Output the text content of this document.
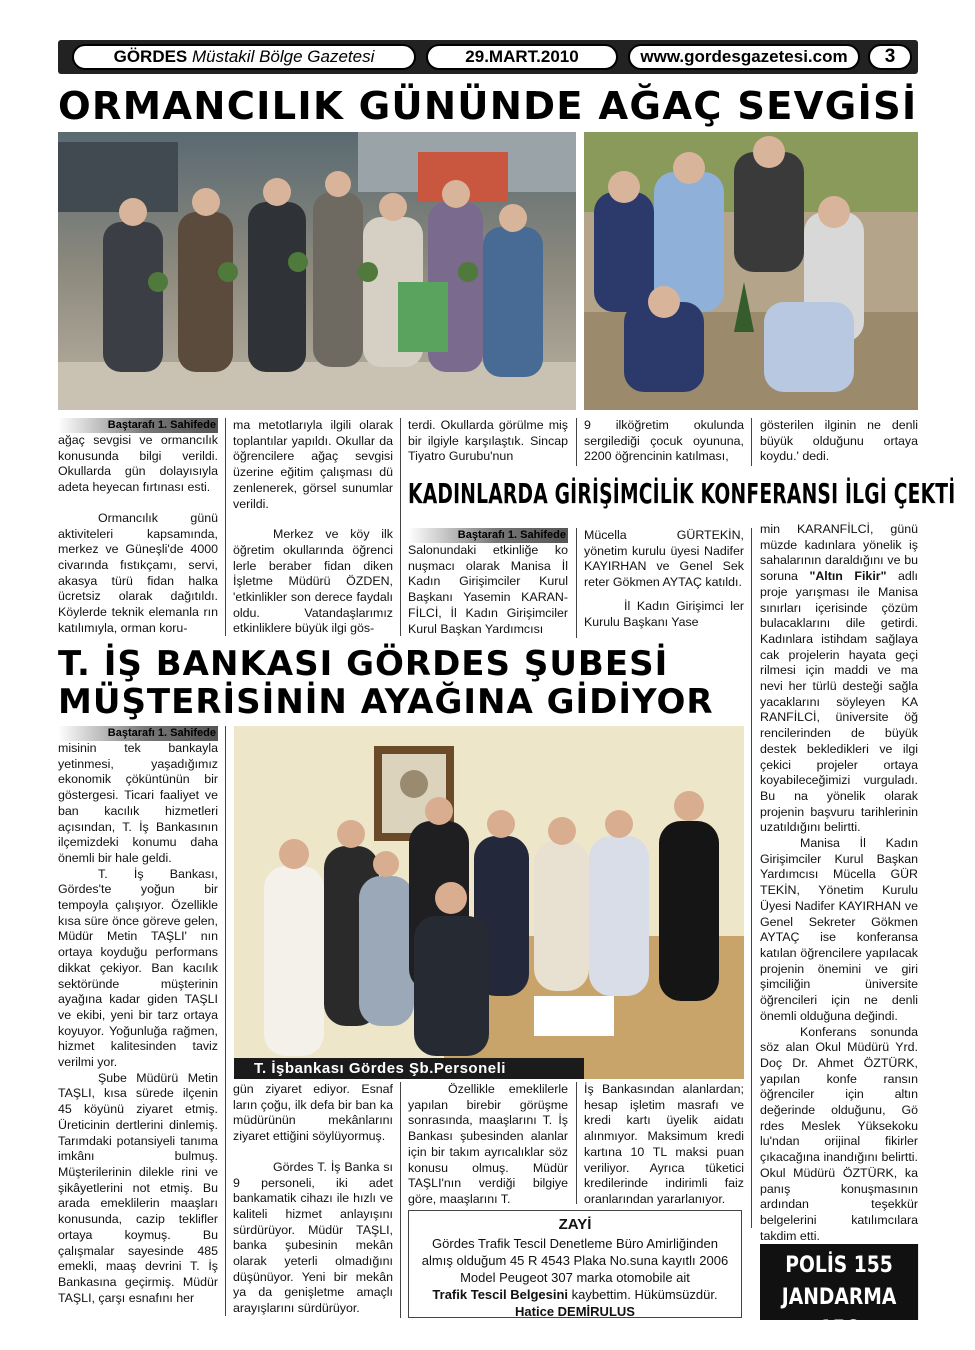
GÖRDES Müstakil Bölge Gazetesi	29.MART.2010	www.gordesgazetesi.com	3
ORMANCILIK GÜNÜNDE AĞAÇ SEVGİSİ
Baştarafı 1. Sahifede

ağaç sevgisi ve ormancılık konusunda bilgi verildi. Okullarda gün dolayısıyla adeta heyecan fırtınası esti.

Ormancılık günü aktiviteleri kapsamında, merkez ve Güneşli'de 4000 civarında fıstıkçamı, servi, akasya türü fidan halka ücretsiz olarak dağıtıldı. Köylerde teknik elemanla rın katılımıyla, orman koru-

ma metotlarıyla ilgili olarak toplantılar yapıldı. Okullar da öğrencilere ağaç sevgisi üzerine eğitim çalışması dü zenlenerek, görsel sunumlar verildi.

Merkez ve köy ilk öğretim okullarında öğrenci lerle beraber fidan diken İşletme Müdürü ÖZDEN, 'etkinlikler son derece faydalı oldu. Vatandaşlarımız etkinliklere büyük ilgi gös-

terdi. Okullarda görülme miş bir ilgiyle karşılaştık. Sincap Tiyatro Gurubu'nun

9 ilköğretim okulunda sergilediği çocuk oyununa, 2200 öğrencinin katılması,

gösterilen ilginin ne denli büyük olduğunu ortaya koydu.' dedi.

KADINLARDA GİRİŞİMCİLİK KONFERANSI İLGİ ÇEKTİ
Baştarafı 1. Sahifede

Salonundaki etkinliğe ko nuşmacı olarak Manisa İl Kadın Girişimciler Kurul Başkanı Yasemin KARAN-FİLCİ, İl Kadın Girişimciler Kurul Başkan Yardımcısı

Mücella GÜRTEKİN, yönetim kurulu üyesi Nadifer KAYIRHAN ve Genel Sek reter Gökmen AYTAÇ katıldı.

İl Kadın Girişimci ler Kurulu Başkanı Yase

min KARANFİLCİ, günü müzde kadınlara yönelik iş sahalarının daraldığını ve bu soruna "Altın Fikir" adlı proje yarışması ile Manisa sınırları içerisinde çözüm bulacaklarını dile getirdi. Kadınlara istihdam sağlaya cak projelerin hayata geçi rilmesi için maddi ve ma nevi her türlü desteği sağla yacaklarını söyleyen KA RANFİLCİ, üniversite öğ rencilerinden de büyük destek bekledikleri ve ilgi çekici projeler ortaya koyabileceğimizi vurguladı. Bu na yönelik olarak projenin başvuru tarihlerinin uzatıldığını belirtti.

Manisa İl Kadın Girişimciler Kurul Başkan Yardımcısı Mücella GÜR TEKİN, Yönetim Kurulu Üyesi Nadifer KAYIRHAN ve Genel Sekreter Gökmen AYTAÇ ise konferansa katılan öğrencilere yapılacak projenin önemini ve giri şimciliğin üniversite öğrencileri için ne denli önemli olduğuna değindi.

Konferans sonunda söz alan Okul Müdürü Yrd. Doç Dr. Ahmet ÖZTÜRK, yapılan konfe ransın öğrenciler için altın değerinde olduğunu, Gö rdes Meslek Yüksekoku lu'ndan orijinal fikirler çıkacağına inandığını belirtti. Okul Müdürü ÖZTÜRK, ka panış konuşmasının ardından teşekkür belgelerini katılımcılara takdim etti.

T. İŞ BANKASI GÖRDES ŞUBESİ
MÜŞTERİSİNİN AYAĞINA GİDİYOR
Baştarafı 1. Sahifede

misinin tek bankayla yetinmesi, yaşadığımız ekonomik çöküntünün bir göstergesi. Ticari faaliyet ve ban kacılık hizmetleri açısından, T. İş Bankasının ilçemizdeki konumu daha önemli bir hale geldi.

T. İş Bankası, Gördes'te yoğun bir tempoyla çalışıyor. Özellikle kısa süre önce göreve gelen, Müdür Metin TAŞLI' nın ortaya koyduğu performans dikkat çekiyor. Ban kacılık sektöründe müşterinin ayağına kadar giden TAŞLI ve ekibi, yeni bir tarz ortaya koyuyor. Yoğunluğa rağmen, hizmet kalitesinden taviz verilmi yor.

Şube Müdürü Metin TAŞLI, kısa sürede ilçenin 45 köyünü ziyaret etmiş. Üreticinin dertlerini dinlemiş. Tarımdaki potansiyeli tanıma imkânı bulmuş. Müşterilerinin dilekle rini ve şikâyetlerini not etmiş. Bu arada emeklilerin maaşları konusunda, cazip teklifler ortaya koymuş. Bu çalışmalar sayesinde 485 emekli, maaş devrini T. İş Bankasına geçirmiş. Müdür TAŞLI, çarşı esnafını her

T. İşbankası Gördes Şb.Personeli

gün ziyaret ediyor. Esnaf ların çoğu, ilk defa bir ban ka müdürünün mekânlarını ziyaret ettiğini söylüyormuş.

Gördes T. İş Banka sı 9 personeli, iki adet bankamatik cihazı ile hızlı ve kaliteli hizmet anlayışını sürdürüyor. Müdür TAŞLI, banka şubesinin mekân olarak yeterli olmadığını düşünüyor. Yeni bir mekân ya da genişletme amaçlı arayışlarını sürdürüyor.

Özellikle emeklilerle yapılan birebir görüşme sonrasında, maaşlarını T. İş Bankası şubesinden alanlar için bir takım ayrıcalıklar söz konusu olmuş. Müdür TAŞLI'nın verdiği bilgiye göre, maaşlarını T.

İş Bankasından alanlardan; hesap işletim masrafı ve kredi kartı üyelik aidatı alınmıyor. Maksimum kredi kartına 10 TL maksi puan veriliyor. Ayrıca tüketici kredilerinde indirimli faiz oranlarından yararlanıyor.

ZAYİ
Gördes Trafik Tescil Denetleme Büro Amirliğinden almış olduğum 45 R 4543 Plaka No.suna kayıtlı 2006 Model Peugeot 307 marka otomobile ait
Trafik Tescil Belgesini kaybettim. Hükümsüzdür.
Hatice DEMİRULUS
POLİS 155
JANDARMA 156
